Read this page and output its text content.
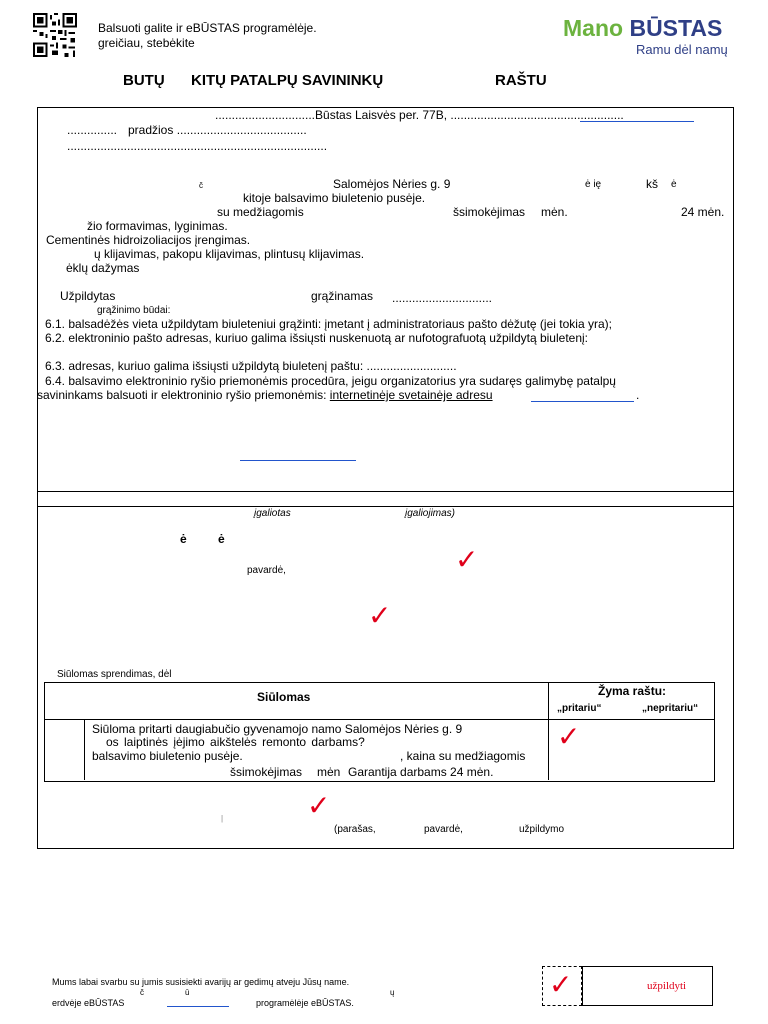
Balsuoti galite ir eBŪSTAS programėlėje.
greičiau, stebėkite
Mano BŪSTAS
Ramu dėl namų
BUTŲ KITŲ PATALPŲ SAVININKŲ	RAŠTU
..............................Būstas Laisvės per. 77B, ....................................................
............... pradžios .......................................
..............................................................................
č	Salomėjos Nėries g. 9	ė ię	kš ė
kitoje balsavimo biuletenio pusėje.
su medžiagomis	šsimokėjimas mėn.	24 mėn.
žio formavimas, lyginimas.
Cementinės hidroizoliacijos įrengimas.
ų klijavimas, pakopu klijavimas, plintusų klijavimas.
ėklų dažymas
Užpildytas	grąžinamas ..............................
grąžinimo būdai:
6.1. balsadėžės vieta užpildytam biuleteniui grąžinti: įmetant į administratoriaus pašto dėžutę (jei tokia yra);
6.2. elektroninio pašto adresas, kuriuo galima išsiųsti nuskenuotą ar nufotografuotą užpildytą biuletenį:
6.3. adresas, kuriuo galima išsiųsti užpildytą biuletenį paštu: ...........................
6.4. balsavimo elektroninio ryšio priemonėmis procedūra, jeigu organizatorius yra sudaręs galimybę patalpų
savininkams balsuoti ir elektroninio ryšio priemonėmis: internetinėje svetainėje adresu	.
įgaliotas	įgaliojimas)
ė	ė
pavardė,	✓
✓
Siūlomas sprendimas, dėl
Siūlomas	Žyma raštu:
„pritariu“	„nepritariu“
Siūloma pritarti daugiabučio gyvenamojo namo Salomėjos Nėries g. 9
os laiptinės įėjimo aikštelės remonto darbams?
balsavimo biuletenio pusėje.	, kaina su medžiagomis
šsimokėjimas mėn Garantija darbams 24 mėn.
✓
|	✓
(parašas,	pavardė,	užpildymo
Mums labai svarbu su jumis susisiekti avarijų ar gedimų atveju Jūsų name.
č	ū	ų
erdvėje eBŪSTAS	programėlėje eBŪSTAS.
✓	užpildyti
